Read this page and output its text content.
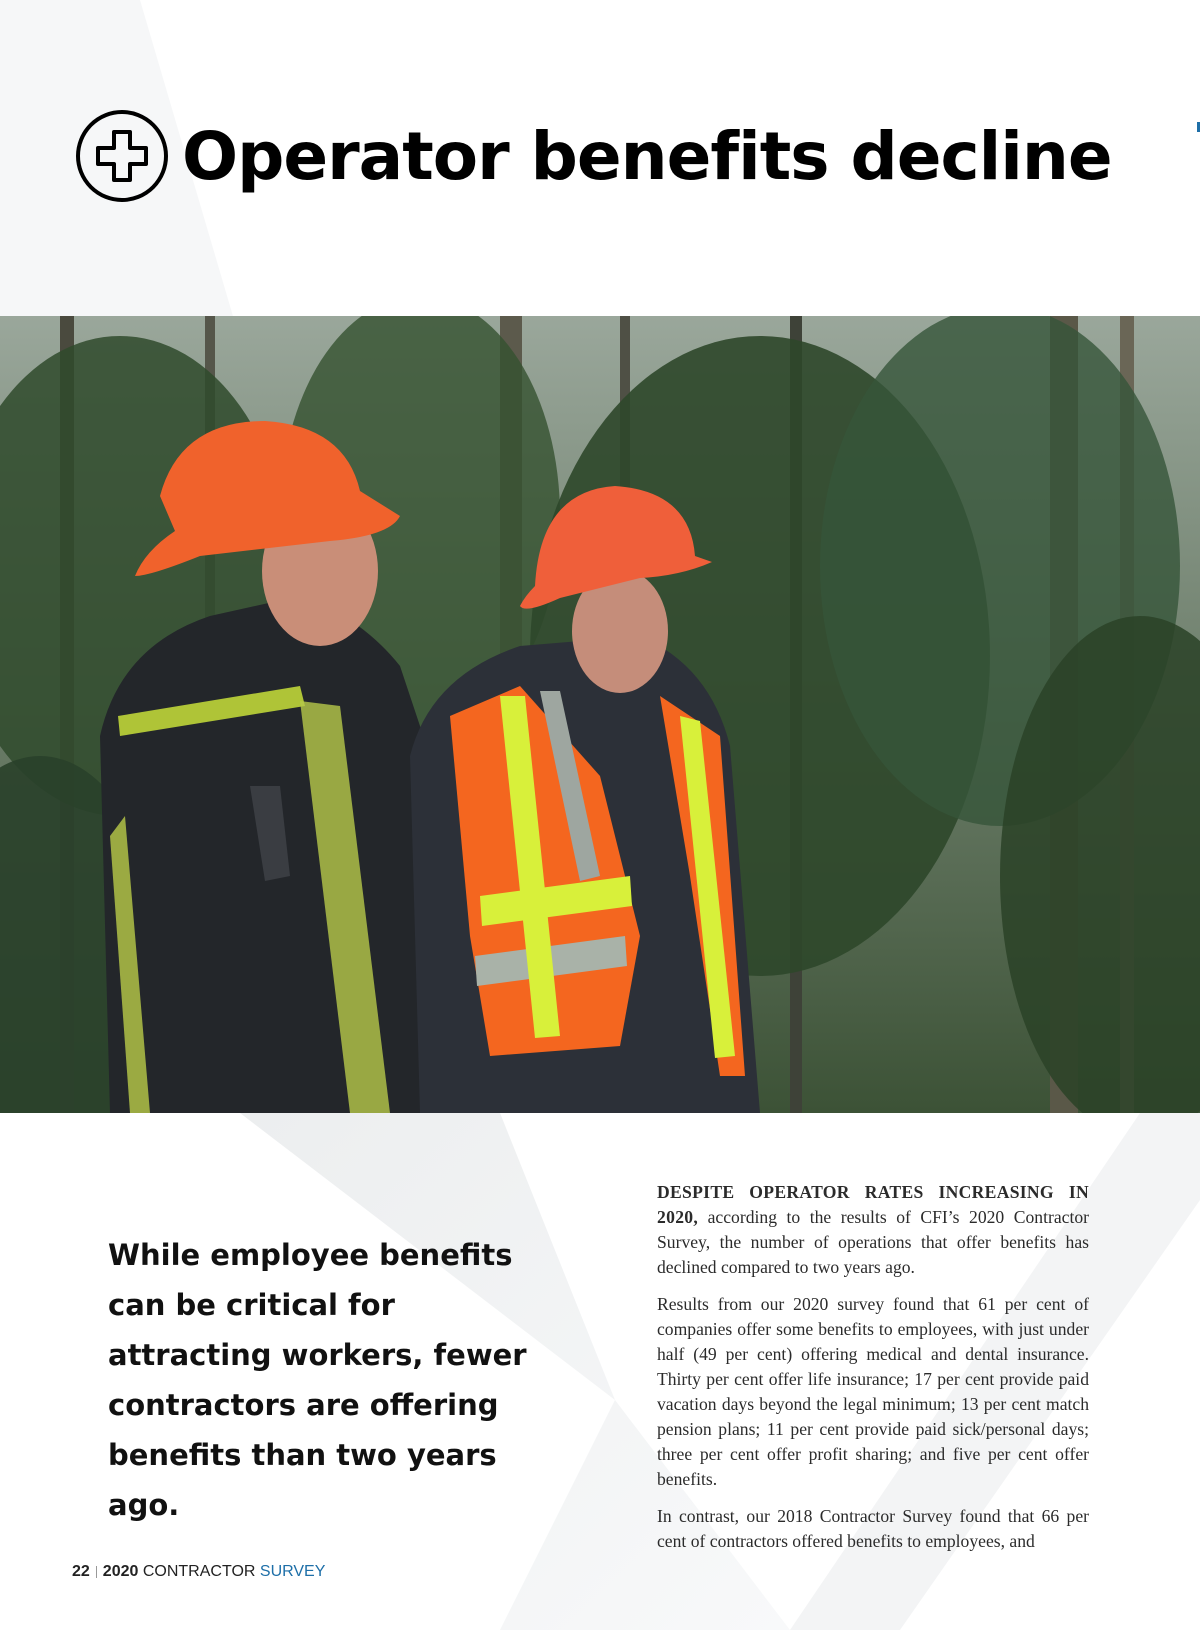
Operator benefits decline

While employee benefits can be critical for attracting workers, fewer contractors are offering benefits than two years ago.

DESPITE OPERATOR RATES INCREASING IN 2020, according to the results of CFI’s 2020 Contractor Survey, the number of operations that offer benefits has declined compared to two years ago.

Results from our 2020 survey found that 61 per cent of companies offer some benefits to employees, with just under half (49 per cent) offering medical and dental insurance. Thirty per cent offer life insurance; 17 per cent provide paid vacation days beyond the legal minimum; 13 per cent match pension plans; 11 per cent provide paid sick/personal days; three per cent offer profit sharing; and five per cent offer benefits.

In contrast, our 2018 Contractor Survey found that 66 per cent of contractors offered benefits to employees, and

22 2020 CONTRACTOR SURVEY
